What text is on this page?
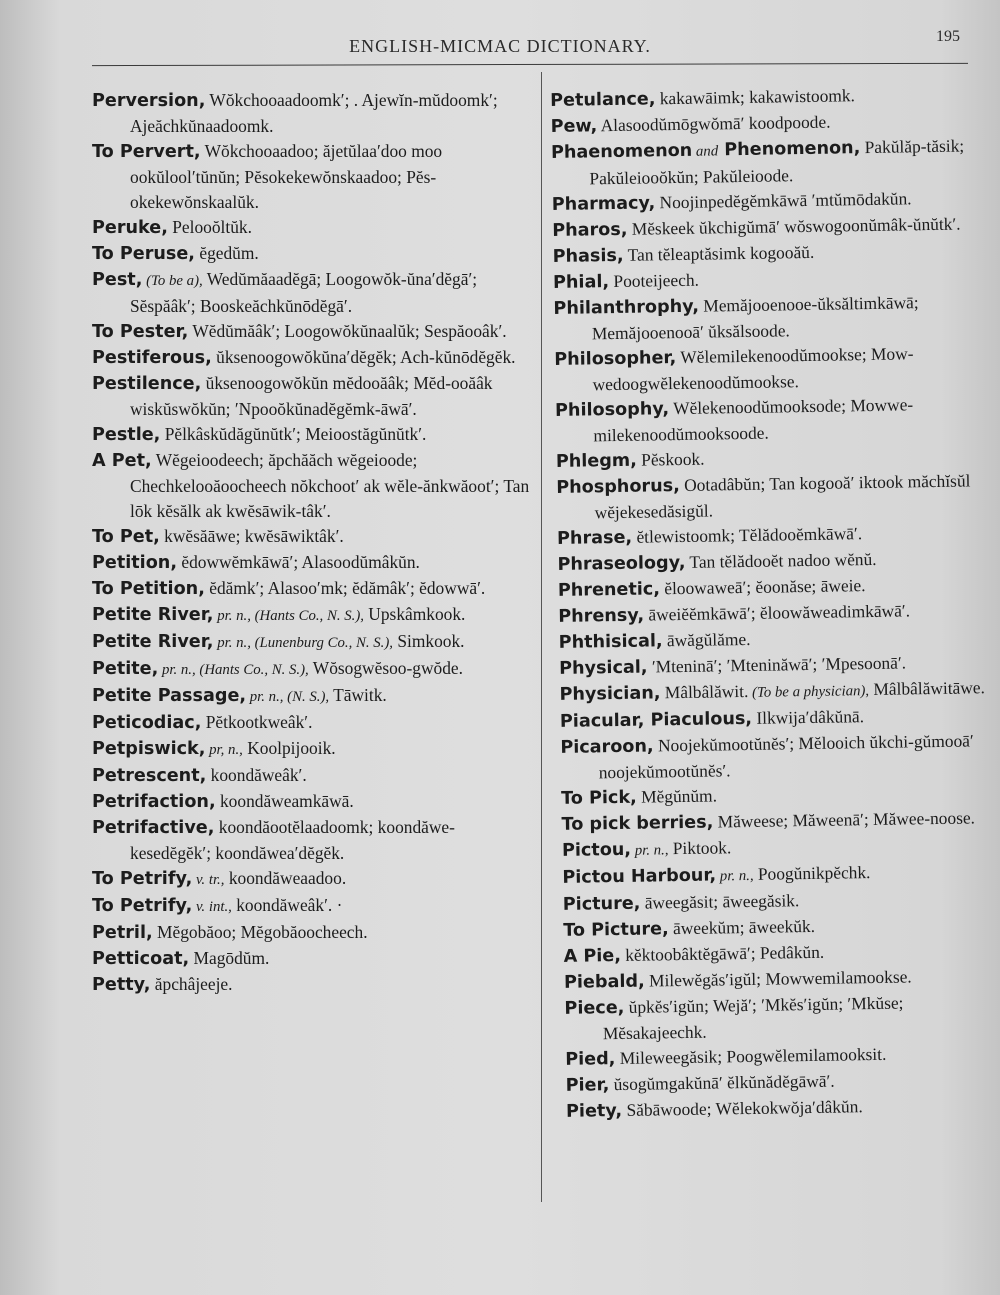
ENGLISH-MICMAC DICTIONARY.	195
Perversion, Wŏkchooaadoomk′; . Ajewĭn-mŭdoomk′; Ajeăchkŭnaadoomk.
To Pervert, Wŏkchooaadoo; ăjetŭlaa′doo moo ookŭlool′tŭnŭn; Pĕsokekewŏnskaadoo; Pĕs-okekewŏnskaalŭk.
Peruke, Pelooŏltŭk.
To Peruse, ĕgedŭm.
Pest, (To be a), Wedŭmăaadĕgā; Loogowŏk-ŭna′dĕgā′; Sĕspăâk′; Booskeăchkŭnōdĕgā′.
To Pester, Wĕdŭmăâk′; Loogowŏkŭnaalŭk; Sespăooâk′.
Pestiferous, ŭksenoogowŏkŭna′dĕgĕk; Ach-kŭnōdĕgĕk.
Pestilence, ŭksenoogowŏkŭn mĕdooăâk; Mĕd-ooăâk wiskŭswŏkŭn; ′Npooŏkŭnadĕgĕmk-āwā′.
Pestle, Pĕlkâskŭdăgŭnŭtk′; Meioostăgŭnŭtk′.
A Pet, Wĕgeioodeech; ăpchăăch wĕgeioode; Chechkelooăoocheech nŏkchoot′ ak wĕle-ănkwăoot′; Tan lōk kĕsălk ak kwĕsāwik-tâk′.
To Pet, kwĕsăāwe; kwĕsāwiktâk′.
Petition, ĕdowwĕmkāwā′; Alasoodŭmâkŭn.
To Petition, ĕdămk′; Alasoo′mk; ĕdămâk′; ĕdowwā′.
Petite River, pr. n., (Hants Co., N. S.), Upskâmkook.
Petite River, pr. n., (Lunenburg Co., N. S.), Simkook.
Petite, pr. n., (Hants Co., N. S.), Wŏsogwĕsoo-gwŏde.
Petite Passage, pr. n., (N. S.), Tāwitk.
Peticodiac, Pĕtkootkweâk′.
Petpiswick, pr, n., Koolpijooik.
Petrescent, koondăweâk′.
Petrifaction, koondăweamkāwā.
Petrifactive, koondăootĕlaadoomk; koondăwe-kesedĕgĕk′; koondăwea′dĕgĕk.
To Petrify, v. tr., koondăweaadoo.
To Petrify, v. int., koondăweâk′. ·
Petril, Mĕgobăoo; Mĕgobăoocheech.
Petticoat, Magōdŭm.
Petty, ăpchâjeeje.
Petulance, kakawāimk; kakawistoomk.
Pew, Alasoodŭmōgwŏmā′ koodpoode.
Phaenomenon and Phenomenon, Pakŭlăp-tăsik; Pakŭleiooŏkŭn; Pakŭleioode.
Pharmacy, Noojinpedĕgĕmkāwā ′mtŭmōdakŭn.
Pharos, Mĕskeek ŭkchigŭmā′ wŏswogoonŭmâk-ŭnŭtk′.
Phasis, Tan tĕleaptăsimk kogooăŭ.
Phial, Pooteijeech.
Philanthrophy, Memăjooenooe-ŭksăltimkāwā; Memăjooenooā′ ŭksălsoode.
Philosopher, Wĕlemilekenoodŭmookse; Mow-wedoogwĕlekenoodŭmookse.
Philosophy, Wĕlekenoodŭmooksode; Mowwe-milekenoodŭmooksoode.
Phlegm, Pĕskook.
Phosphorus, Ootadâbŭn; Tan kogooă′ iktook măchĭsŭl wĕjekesedăsigŭl.
Phrase, ĕtlewistoomk; Tĕlădooĕmkāwā′.
Phraseology, Tan tĕlădooĕt nadoo wĕnŭ.
Phrenetic, ĕloowaweā′; ĕoonăse; āweie.
Phrensy, āweiĕĕmkāwā′; ĕloowăweadimkāwā′.
Phthisical, āwăgŭlăme.
Physical, ′Mteninā′; ′Mteninăwā′; ′Mpesoonā′.
Physician, Mâlbâlăwit. (To be a physician), Mâlbâlăwitāwe.
Piacular, Piaculous, Ilkwija′dâkŭnā.
Picaroon, Noojekŭmootŭnĕs′; Mĕlooich ŭkchi-gŭmooā′ noojekŭmootŭnĕs′.
To Pick, Mĕgŭnŭm.
To pick berries, Măweese; Măweenā′; Măwee-noose.
Pictou, pr. n., Piktook.
Pictou Harbour, pr. n., Poogŭnikpĕchk.
Picture, āweegăsit; āweegăsik.
To Picture, āweekŭm; āweekŭk.
A Pie, kĕktoobâktĕgāwā′; Pedâkŭn.
Piebald, Milewĕgăs′igŭl; Mowwemilamookse.
Piece, ŭpkĕs′igŭn; Wejă′; ′Mkĕs′igŭn; ′Mkŭse; Mĕsakajeechk.
Pied, Mileweegăsik; Poogwĕlemilamooksit.
Pier, ŭsogŭmgakŭnā′ ĕlkŭnădĕgāwā′.
Piety, Săbāwoode; Wĕlekokwŏja′dâkŭn.
